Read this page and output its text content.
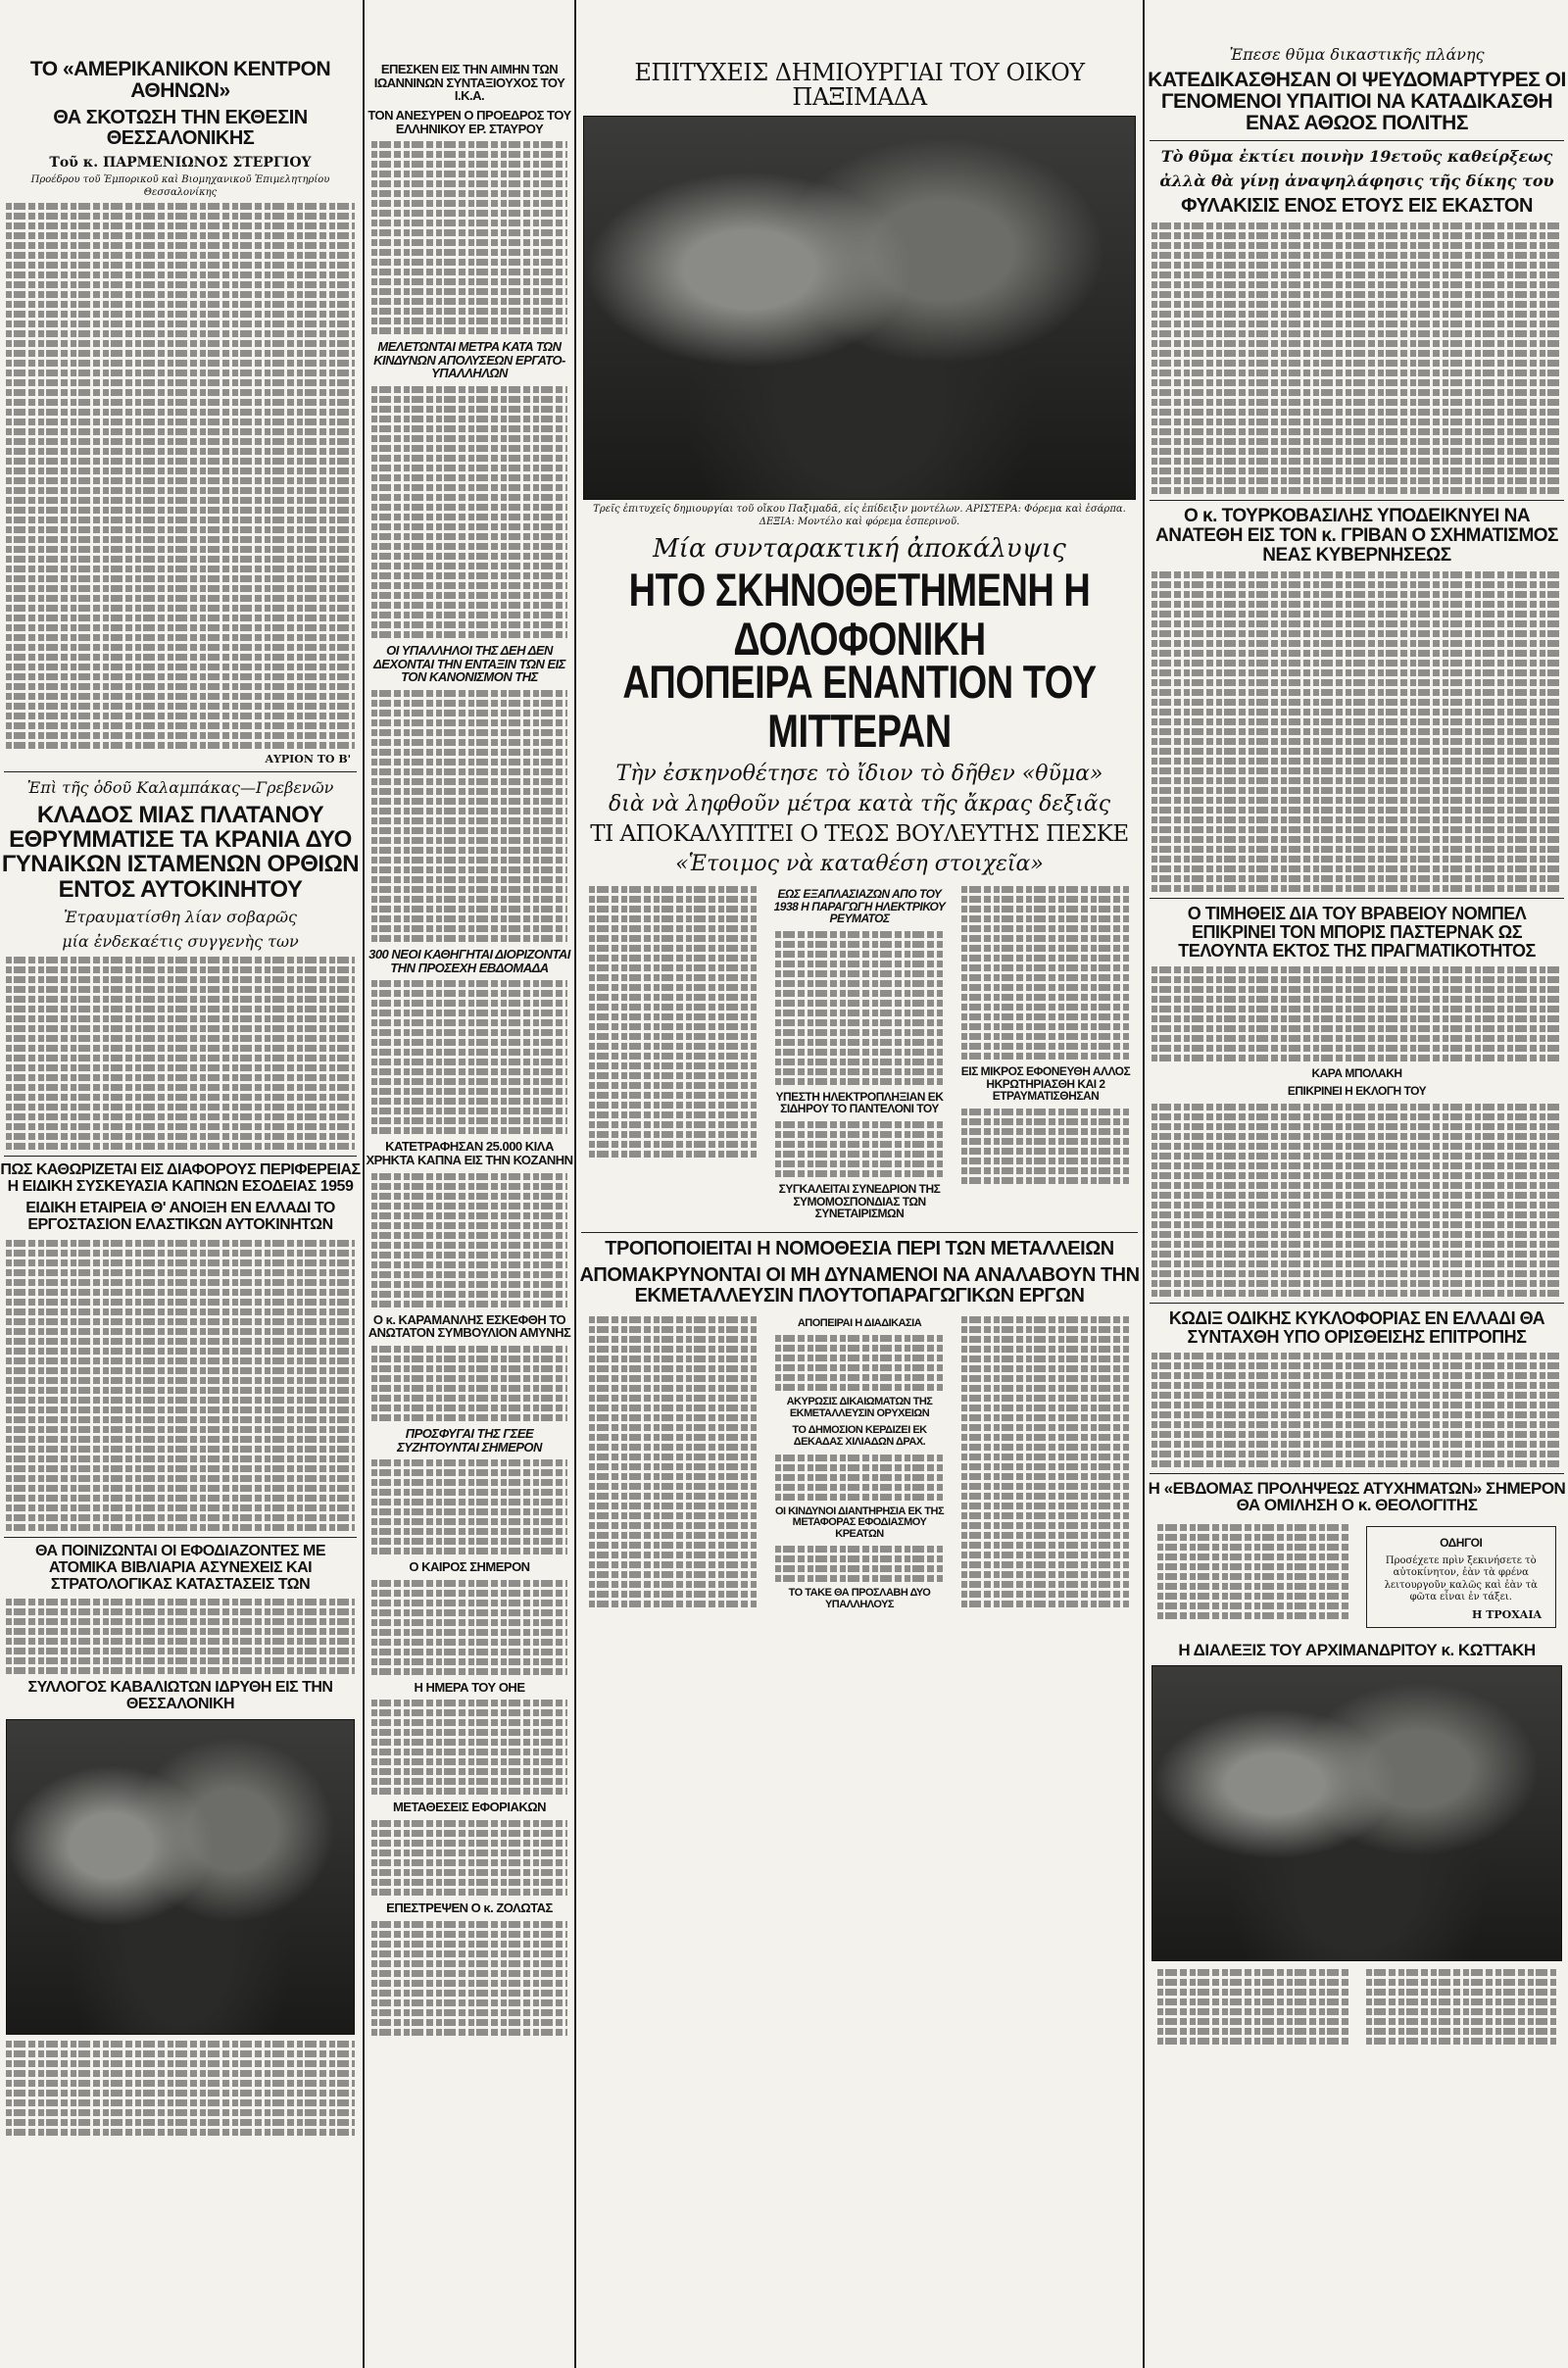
ΤΟ «ΑΜΕΡΙΚΑΝΙΚΟΝ ΚΕΝΤΡΟΝ ΑΘΗΝΩΝ»
ΘΑ ΣΚΟΤΩΣΗ ΤΗΝ ΕΚΘΕΣΙΝ ΘΕΣΣΑΛΟΝΙΚΗΣ
Τοῦ κ. ΠΑΡΜΕΝΙΩΝΟΣ ΣΤΕΡΓΙΟΥ
Προέδρου τοῦ Ἐμπορικοῦ καὶ Βιομηχανικοῦ Ἐπιμελητηρίου Θεσσαλονίκης
ΑΥΡΙΟΝ ΤΟ Β'
Ἐπὶ τῆς ὁδοῦ Καλαμπάκας—Γρεβενῶν
ΚΛΑΔΟΣ ΜΙΑΣ ΠΛΑΤΑΝΟΥ ΕΘΡΥΜΜΑΤΙΣΕ ΤΑ ΚΡΑΝΙΑ ΔΥΟ ΓΥΝΑΙΚΩΝ ΙΣΤΑΜΕΝΩΝ ΟΡΘΙΩΝ ΕΝΤΟΣ ΑΥΤΟΚΙΝΗΤΟΥ
Ἐτραυματίσθη λίαν σοβαρῶς
μία ἐνδεκαέτις συγγενὴς των
ΠΩΣ ΚΑΘΩΡΙΖΕΤΑΙ ΕΙΣ ΔΙΑΦΟΡΟΥΣ ΠΕΡΙΦΕΡΕΙΑΣ Η ΕΙΔΙΚΗ ΣΥΣΚΕΥΑΣΙΑ ΚΑΠΝΩΝ ΕΣΟΔΕΙΑΣ 1959
ΕΙΔΙΚΗ ΕΤΑΙΡΕΙΑ Θ' ΑΝΟΙΞΗ ΕΝ ΕΛΛΑΔΙ ΤΟ ΕΡΓΟΣΤΑΣΙΟΝ ΕΛΑΣΤΙΚΩΝ ΑΥΤΟΚΙΝΗΤΩΝ
ΘΑ ΠΟΙΝΙΖΩΝΤΑΙ ΟΙ ΕΦΟΔΙΑΖΟΝΤΕΣ ΜΕ ΑΤΟΜΙΚΑ ΒΙΒΛΙΑΡΙΑ ΑΣΥΝΕΧΕΙΣ ΚΑΙ ΣΤΡΑΤΟΛΟΓΙΚΑΣ ΚΑΤΑΣΤΑΣΕΙΣ ΤΩΝ
ΣΥΛΛΟΓΟΣ ΚΑΒΑΛΙΩΤΩΝ ΙΔΡΥΘΗ ΕΙΣ ΤΗΝ ΘΕΣΣΑΛΟΝΙΚΗ
ΕΠΕΣΚΕΝ ΕΙΣ ΤΗΝ ΑΙΜΗΝ ΤΩΝ ΙΩΑΝΝΙΝΩΝ ΣΥΝΤΑΞΙΟΥΧΟΣ ΤΟΥ Ι.Κ.Α.
ΤΟΝ ΑΝΕΣΥΡΕΝ Ο ΠΡΟΕΔΡΟΣ ΤΟΥ ΕΛΛΗΝΙΚΟΥ ΕΡ. ΣΤΑΥΡΟΥ
ΜΕΛΕΤΩΝΤΑΙ ΜΕΤΡΑ ΚΑΤΑ ΤΩΝ ΚΙΝΔΥΝΩΝ ΑΠΟΛΥΣΕΩΝ ΕΡΓΑΤΟ-ΥΠΑΛΛΗΛΩΝ
ΟΙ ΥΠΑΛΛΗΛΟΙ ΤΗΣ ΔΕΗ ΔΕΝ ΔΕΧΟΝΤΑΙ ΤΗΝ ΕΝΤΑΞΙΝ ΤΩΝ ΕΙΣ ΤΟΝ ΚΑΝΟΝΙΣΜΟΝ ΤΗΣ
300 ΝΕΟΙ ΚΑΘΗΓΗΤΑΙ ΔΙΟΡΙΖΟΝΤΑΙ ΤΗΝ ΠΡΟΣΕΧΗ ΕΒΔΟΜΑΔΑ
ΚΑΤΕΤΡΑΦΗΣΑΝ 25.000 ΚΙΛΑ ΧΡΗΚΤΑ ΚΑΠΝΑ ΕΙΣ ΤΗΝ ΚΟΖΑΝΗΝ
Ο κ. ΚΑΡΑΜΑΝΛΗΣ ΕΣΚΕΦΘΗ ΤΟ ΑΝΩΤΑΤΟΝ ΣΥΜΒΟΥΛΙΟΝ ΑΜΥΝΗΣ
ΠΡΟΣΦΥΓΑΙ ΤΗΣ ΓΣΕΕ ΣΥΖΗΤΟΥΝΤΑΙ ΣΗΜΕΡΟΝ
Ο ΚΑΙΡΟΣ ΣΗΜΕΡΟΝ
Η ΗΜΕΡΑ ΤΟΥ ΟΗΕ
ΜΕΤΑΘΕΣΕΙΣ ΕΦΟΡΙΑΚΩΝ
ΕΠΕΣΤΡΕΨΕΝ Ο κ. ΖΟΛΩΤΑΣ
ΕΠΙΤΥΧΕΙΣ ΔΗΜΙΟΥΡΓΙΑΙ ΤΟΥ ΟΙΚΟΥ ΠΑΞΙΜΑΔΑ
Τρεῖς ἐπιτυχεῖς δημιουργίαι τοῦ οἴκου Παξιμαδᾶ, εἰς ἐπίδειξιν μοντέλων. ΑΡΙΣΤΕΡΑ: Φόρεμα καὶ ἐσάρπα. ΔΕΞΙΑ: Μοντέλο καὶ φόρεμα ἑσπερινοῦ.
Μία συνταρακτική ἀποκάλυψις
ΗΤΟ ΣΚΗΝΟΘΕΤΗΜΕΝΗ Η ΔΟΛΟΦΟΝΙΚΗ
ΑΠΟΠΕΙΡΑ ΕΝΑΝΤΙΟΝ ΤΟΥ ΜΙΤΤΕΡΑΝ
Τὴν ἐσκηνοθέτησε τὸ ἴδιον τὸ δῆθεν «θῦμα»
διὰ νὰ ληφθοῦν μέτρα κατὰ τῆς ἄκρας δεξιᾶς
ΤΙ ΑΠΟΚΑΛΥΠΤΕΙ Ο ΤΕΩΣ ΒΟΥΛΕΥΤΗΣ ΠΕΣΚΕ
«Ἑτοιμος νὰ καταθέση στοιχεῖα»
ΕΩΣ ΕΞΑΠΛΑΣΙΑΖΩΝ ΑΠΟ ΤΟΥ 1938 Η ΠΑΡΑΓΩΓΗ ΗΛΕΚΤΡΙΚΟΥ ΡΕΥΜΑΤΟΣ
ΥΠΕΣΤΗ ΗΛΕΚΤΡΟΠΛΗΞΙΑΝ ΕΚ ΣΙΔΗΡΟΥ ΤΟ ΠΑΝΤΕΛΟΝΙ ΤΟΥ
ΣΥΓΚΑΛΕΙΤΑΙ ΣΥΝΕΔΡΙΟΝ ΤΗΣ ΣΥΜΟΜΟΣΠΟΝΔΙΑΣ ΤΩΝ ΣΥΝΕΤΑΙΡΙΣΜΩΝ
ΕΙΣ ΜΙΚΡΟΣ ΕΦΟΝΕΥΘΗ ΑΛΛΟΣ ΗΚΡΩΤΗΡΙΑΣΘΗ ΚΑΙ 2 ΕΤΡΑΥΜΑΤΙΣΘΗΣΑΝ
ΤΡΟΠΟΠΟΙΕΙΤΑΙ Η ΝΟΜΟΘΕΣΙΑ ΠΕΡΙ ΤΩΝ ΜΕΤΑΛΛΕΙΩΝ
ΑΠΟΜΑΚΡΥΝΟΝΤΑΙ ΟΙ ΜΗ ΔΥΝΑΜΕΝΟΙ ΝΑ ΑΝΑΛΑΒΟΥΝ ΤΗΝ ΕΚΜΕΤΑΛΛΕΥΣΙΝ ΠΛΟΥΤΟΠΑΡΑΓΩΓΙΚΩΝ ΕΡΓΩΝ
ΑΠΟΠΕΙΡΑΙ Η ΔΙΑΔΙΚΑΣΙΑ
ΑΚΥΡΩΣΙΣ ΔΙΚΑΙΩΜΑΤΩΝ ΤΗΣ ΕΚΜΕΤΑΛΛΕΥΣΙΝ ΟΡΥΧΕΙΩΝ
ΤΟ ΔΗΜΟΣΙΟΝ ΚΕΡΔΙΖΕΙ ΕΚ ΔΕΚΑΔΑΣ ΧΙΛΙΑΔΩΝ ΔΡΑΧ.
ΟΙ ΚΙΝΔΥΝΟΙ ΔΙΑΝΤΗΡΗΣΙΑ ΕΚ ΤΗΣ ΜΕΤΑΦΟΡΑΣ ΕΦΟΔΙΑΣΜΟΥ ΚΡΕΑΤΩΝ
ΤΟ ΤΑΚΕ ΘΑ ΠΡΟΣΛΑΒΗ ΔΥΟ ΥΠΑΛΛΗΛΟΥΣ
Ἐπεσε θῦμα δικαστικῆς πλάνης
ΚΑΤΕΔΙΚΑΣΘΗΣΑΝ ΟΙ ΨΕΥΔΟΜΑΡΤΥΡΕΣ ΟΙ ΓΕΝΟΜΕΝΟΙ ΥΠΑΙΤΙΟΙ ΝΑ ΚΑΤΑΔΙΚΑΣΘΗ ΕΝΑΣ ΑΘΩΟΣ ΠΟΛΙΤΗΣ
Τὸ θῦμα ἐκτίει ποινὴν 19ετοῦς καθείρξεως
ἀλλὰ θὰ γίνῃ ἀναψηλάφησις τῆς δίκης του
ΦΥΛΑΚΙΣΙΣ ΕΝΟΣ ΕΤΟΥΣ ΕΙΣ ΕΚΑΣΤΟΝ
Ο κ. ΤΟΥΡΚΟΒΑΣΙΛΗΣ ΥΠΟΔΕΙΚΝΥΕΙ ΝΑ ΑΝΑΤΕΘΗ ΕΙΣ ΤΟΝ κ. ΓΡΙΒΑΝ Ο ΣΧΗΜΑΤΙΣΜΟΣ ΝΕΑΣ ΚΥΒΕΡΝΗΣΕΩΣ
Ο ΤΙΜΗΘΕΙΣ ΔΙΑ ΤΟΥ ΒΡΑΒΕΙΟΥ ΝΟΜΠΕΛ ΕΠΙΚΡΙΝΕΙ ΤΟΝ ΜΠΟΡΙΣ ΠΑΣΤΕΡΝΑΚ ΩΣ ΤΕΛΟΥΝΤΑ ΕΚΤΟΣ ΤΗΣ ΠΡΑΓΜΑΤΙΚΟΤΗΤΟΣ
ΚΑΡΑ ΜΠΟΛΑΚΗ
ΕΠΙΚΡΙΝΕΙ Η ΕΚΛΟΓΗ ΤΟΥ
ΚΩΔΙΞ ΟΔΙΚΗΣ ΚΥΚΛΟΦΟΡΙΑΣ ΕΝ ΕΛΛΑΔΙ ΘΑ ΣΥΝΤΑΧΘΗ ΥΠΟ ΟΡΙΣΘΕΙΣΗΣ ΕΠΙΤΡΟΠΗΣ
Η «ΕΒΔΟΜΑΣ ΠΡΟΛΗΨΕΩΣ ΑΤΥΧΗΜΑΤΩΝ» ΣΗΜΕΡΟΝ ΘΑ ΟΜΙΛΗΣΗ Ο κ. ΘΕΟΛΟΓΙΤΗΣ
ΟΔΗΓΟΙ
Προσέχετε πρὶν ξεκινήσετε τὸ αὐτοκίνητον, ἐὰν τὰ φρένα λειτουργοῦν καλῶς καὶ ἐὰν τὰ φῶτα εἶναι ἐν τάξει.
Η ΤΡΟΧΑΙΑ
Η ΔΙΑΛΕΞΙΣ ΤΟΥ ΑΡΧΙΜΑΝΔΡΙΤΟΥ κ. ΚΩΤΤΑΚΗ
